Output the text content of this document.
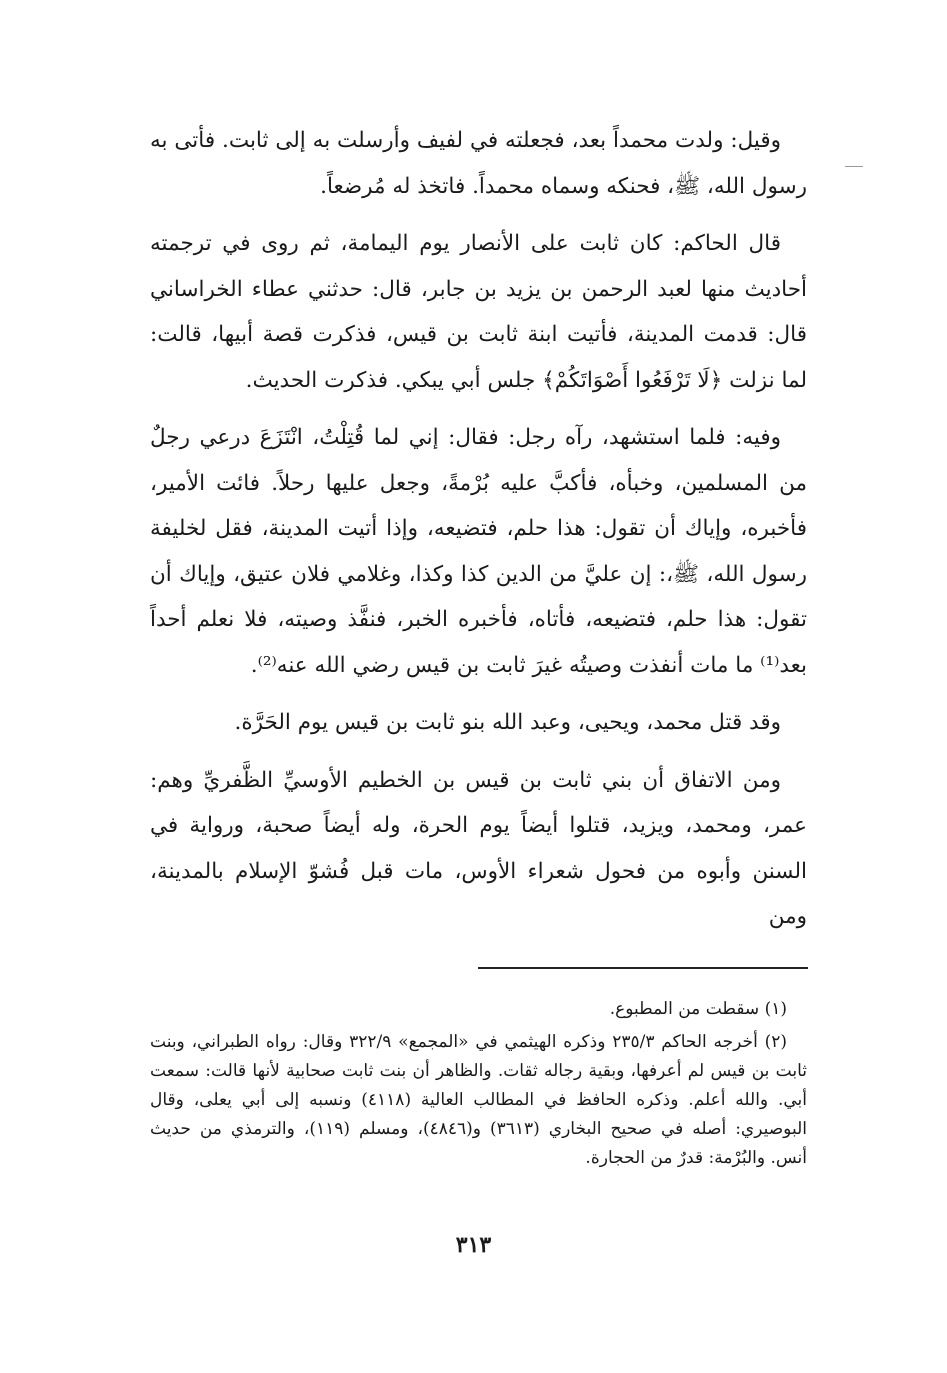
وقيل: ولدت محمداً بعد، فجعلته في لفيف وأرسلت به إلى ثابت. فأتى به رسول الله، ﷺ، فحنكه وسماه محمداً. فاتخذ له مُرضعاً.

قال الحاكم: كان ثابت على الأنصار يوم اليمامة، ثم روى في ترجمته أحاديث منها لعبد الرحمن بن يزيد بن جابر، قال: حدثني عطاء الخراساني قال: قدمت المدينة، فأتيت ابنة ثابت بن قيس، فذكرت قصة أبيها، قالت: لما نزلت ﴿لَا تَرْفَعُوا أَصْوَاتَكُمْ﴾ جلس أبي يبكي. فذكرت الحديث.

وفيه: فلما استشهد، رآه رجل: فقال: إني لما قُتِلْتُ، انْتَزَعَ درعي رجلٌ من المسلمين، وخبأه، فأكبَّ عليه بُرْمةً، وجعل عليها رحلاً. فائت الأمير، فأخبره، وإياك أن تقول: هذا حلم، فتضيعه، وإذا أتيت المدينة، فقل لخليفة رسول الله، ﷺ،: إن عليَّ من الدين كذا وكذا، وغلامي فلان عتيق، وإياك أن تقول: هذا حلم، فتضيعه، فأتاه، فأخبره الخبر، فنفَّذ وصيته، فلا نعلم أحداً بعد⁽¹⁾ ما مات أنفذت وصيتُه غيرَ ثابت بن قيس رضي الله عنه⁽²⁾.

وقد قتل محمد، ويحيى، وعبد الله بنو ثابت بن قيس يوم الحَرَّة.

ومن الاتفاق أن بني ثابت بن قيس بن الخطيم الأوسيِّ الظَّفريِّ وهم: عمر، ومحمد، ويزيد، قتلوا أيضاً يوم الحرة، وله أيضاً صحبة، ورواية في السنن وأبوه من فحول شعراء الأوس، مات قبل فُشوّ الإسلام بالمدينة، ومن

(١) سقطت من المطبوع.

(٢) أخرجه الحاكم ٢٣٥/٣ وذكره الهيثمي في «المجمع» ٣٢٢/٩ وقال: رواه الطبراني، وبنت ثابت بن قيس لم أعرفها، وبقية رجاله ثقات. والظاهر أن بنت ثابت صحابية لأنها قالت: سمعت أبي. والله أعلم. وذكره الحافظ في المطالب العالية (٤١١٨) ونسبه إلى أبي يعلى، وقال البوصيري: أصله في صحيح البخاري (٣٦١٣) و(٤٨٤٦)، ومسلم (١١٩)، والترمذي من حديث أنس. والبُرْمة: قدرٌ من الحجارة.

٣١٣
